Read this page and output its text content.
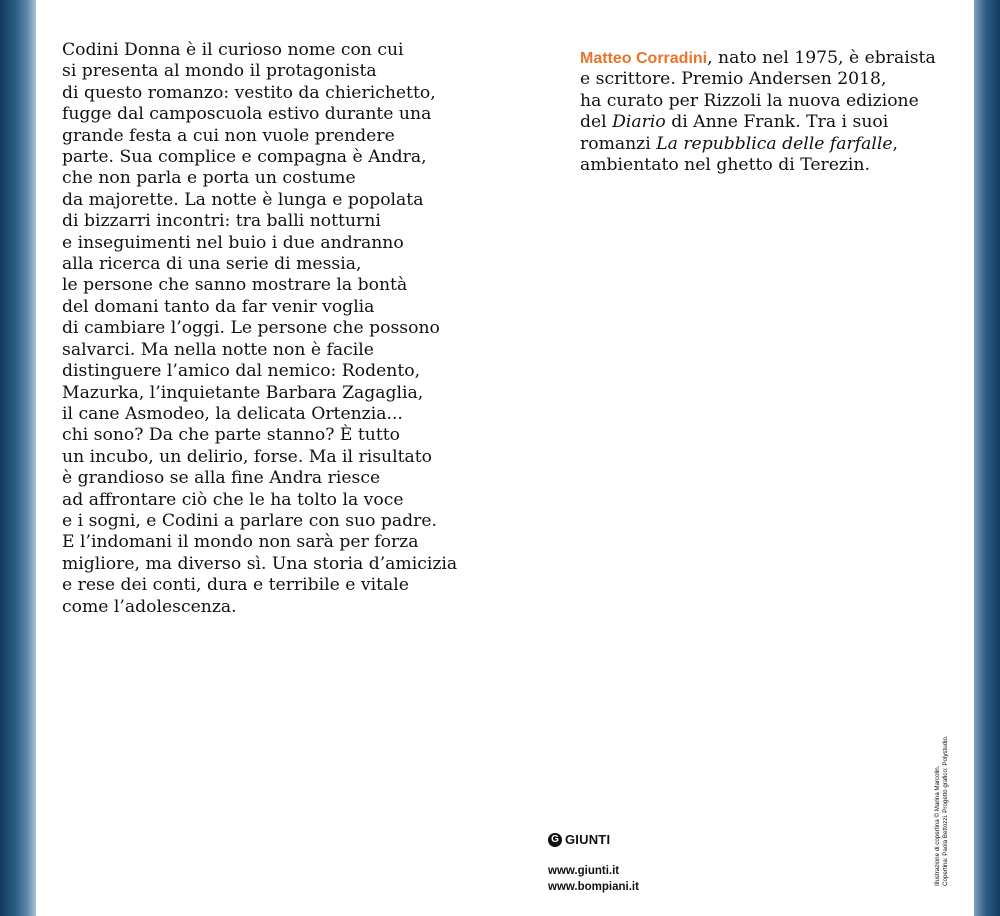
Codini Donna è il curioso nome con cui
si presenta al mondo il protagonista
di questo romanzo: vestito da chierichetto,
fugge dal camposcuola estivo durante una
grande festa a cui non vuole prendere
parte. Sua complice e compagna è Andra,
che non parla e porta un costume
da majorette. La notte è lunga e popolata
di bizzarri incontri: tra balli notturni
e inseguimenti nel buio i due andranno
alla ricerca di una serie di messia,
le persone che sanno mostrare la bontà
del domani tanto da far venir voglia
di cambiare l’oggi. Le persone che possono
salvarci. Ma nella notte non è facile
distinguere l’amico dal nemico: Rodento,
Mazurka, l’inquietante Barbara Zagaglia,
il cane Asmodeo, la delicata Ortenzia...
chi sono? Da che parte stanno? È tutto
un incubo, un delirio, forse. Ma il risultato
è grandioso se alla fine Andra riesce
ad affrontare ciò che le ha tolto la voce
e i sogni, e Codini a parlare con suo padre.
E l’indomani il mondo non sarà per forza
migliore, ma diverso sì. Una storia d’amicizia
e rese dei conti, dura e terribile e vitale
come l’adolescenza.
Matteo Corradini, nato nel 1975, è ebraista
e scrittore. Premio Andersen 2018,
ha curato per Rizzoli la nuova edizione
del Diario di Anne Frank. Tra i suoi
romanzi La repubblica delle farfalle,
ambientato nel ghetto di Terezin.
G GIUNTI
www.giunti.it
www.bompiani.it
Illustrazione di copertina © Marina Marcolin. Copertina: Paola Bettozzi. Progetto grafico: Polystudio.
